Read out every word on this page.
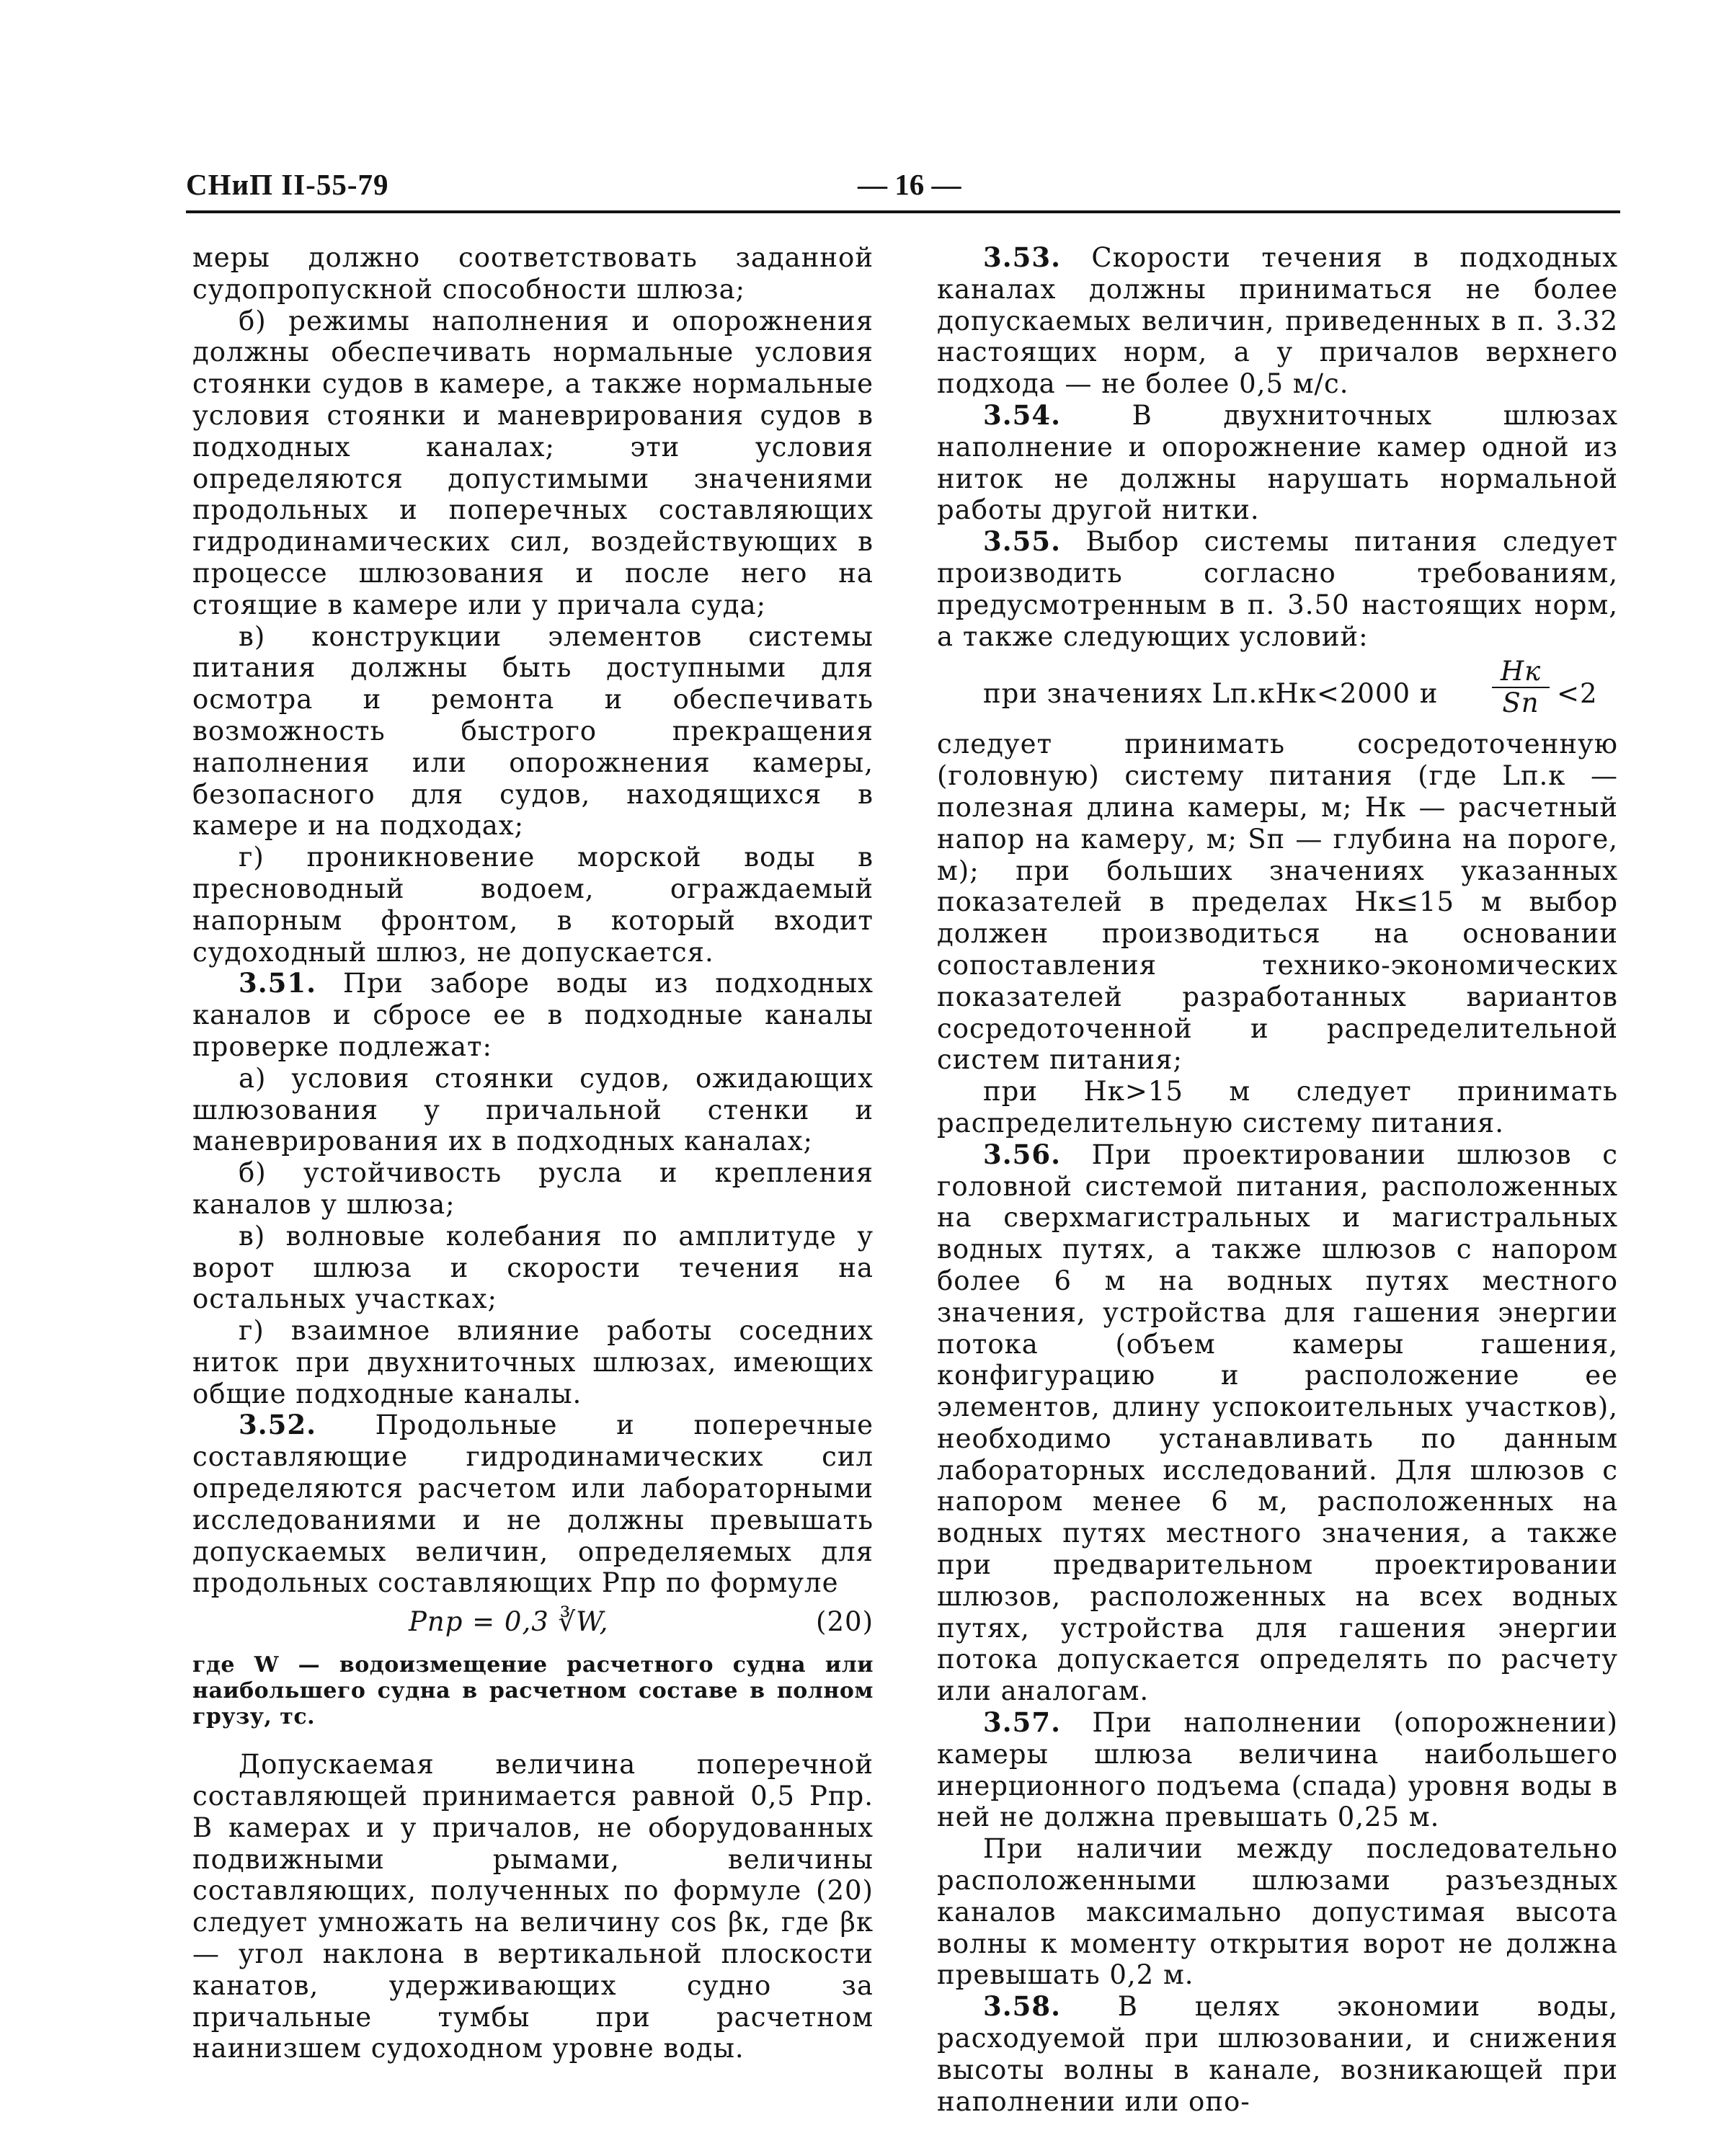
СНиП II-55-79	— 16 —

меры должно соответствовать заданной судопропускной способности шлюза;

б) режимы наполнения и опорожнения должны обеспечивать нормальные условия стоянки судов в камере, а также нормальные условия стоянки и маневрирования судов в подходных каналах; эти условия определяются допустимыми значениями продольных и поперечных составляющих гидродинамических сил, воздействующих в процессе шлюзования и после него на стоящие в камере или у причала суда;

в) конструкции элементов системы питания должны быть доступными для осмотра и ремонта и обеспечивать возможность быстрого прекращения наполнения или опорожнения камеры, безопасного для судов, находящихся в камере и на подходах;

г) проникновение морской воды в пресноводный водоем, ограждаемый напорным фронтом, в который входит судоходный шлюз, не допускается.

3.51. При заборе воды из подходных каналов и сбросе ее в подходные каналы проверке подлежат:

а) условия стоянки судов, ожидающих шлюзования у причальной стенки и маневрирования их в подходных каналах;

б) устойчивость русла и крепления каналов у шлюза;

в) волновые колебания по амплитуде у ворот шлюза и скорости течения на остальных участках;

г) взаимное влияние работы соседних ниток при двухниточных шлюзах, имеющих общие подходные каналы.

3.52. Продольные и поперечные составляющие гидродинамических сил определяются расчетом или лабораторными исследованиями и не должны превышать допускаемых величин, определяемых для продольных составляющих Pпр по формуле

Pпр = 0,3 ∛W,	(20)

где W — водоизмещение расчетного судна или наибольшего судна в расчетном составе в полном грузу, тс.

Допускаемая величина поперечной составляющей принимается равной 0,5 Pпр. В камерах и у причалов, не оборудованных подвижными рымами, величины составляющих, полученных по формуле (20) следует умножать на величину cos βк, где βк — угол наклона в вертикальной плоскости канатов, удерживающих судно за причальные тумбы при расчетном наинизшем судоходном уровне воды.

3.53. Скорости течения в подходных каналах должны приниматься не более допускаемых величин, приведенных в п. 3.32 настоящих норм, а у причалов верхнего подхода — не более 0,5 м/с.

3.54. В двухниточных шлюзах наполнение и опорожнение камер одной из ниток не должны нарушать нормальной работы другой нитки.

3.55. Выбор системы питания следует производить согласно требованиям, предусмотренным в п. 3.50 настоящих норм, а также следующих условий:

при значениях Lп.кHк<2000 и
Hк
Sп <2

следует принимать сосредоточенную (головную) систему питания (где Lп.к — полезная длина камеры, м; Hк — расчетный напор на камеру, м; Sп — глубина на пороге, м); при больших значениях указанных показателей в пределах Hк≤15 м выбор должен производиться на основании сопоставления технико-экономических показателей разработанных вариантов сосредоточенной и распределительной систем питания;

при Hк>15 м следует принимать распределительную систему питания.

3.56. При проектировании шлюзов с головной системой питания, расположенных на сверхмагистральных и магистральных водных путях, а также шлюзов с напором более 6 м на водных путях местного значения, устройства для гашения энергии потока (объем камеры гашения, конфигурацию и расположение ее элементов, длину успокоительных участков), необходимо устанавливать по данным лабораторных исследований. Для шлюзов с напором менее 6 м, расположенных на водных путях местного значения, а также при предварительном проектировании шлюзов, расположенных на всех водных путях, устройства для гашения энергии потока допускается определять по расчету или аналогам.

3.57. При наполнении (опорожнении) камеры шлюза величина наибольшего инерционного подъема (спада) уровня воды в ней не должна превышать 0,25 м.

При наличии между последовательно расположенными шлюзами разъездных каналов максимально допустимая высота волны к моменту открытия ворот не должна превышать 0,2 м.

3.58. В целях экономии воды, расходуемой при шлюзовании, и снижения высоты волны в канале, возникающей при наполнении или опо-
